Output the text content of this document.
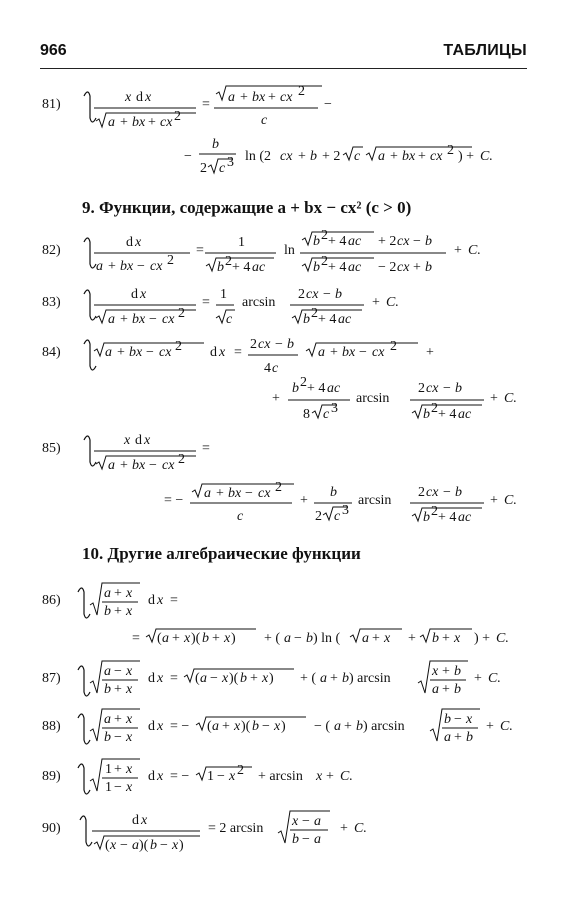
966	ТАБЛИЦЫ
81)	x d x
a + bx + cx 2
= a + bx + cx 2
c
−
−
b
2 c 3 ln (2 cx + b + 2 c a + bx + cx 2 ) + C.
9. Функции, содержащие a + bx − cx² (c > 0)
82)
d x
a + bx − cx 2
=
1
b 2 + 4 ac
ln
b 2 + 4 ac + 2 cx − b
b 2 + 4 ac − 2 cx + b
+ C.
83)
d x
a + bx − cx 2
=
1
c
arcsin
2 cx − b
b 2 + 4 ac
+ C.
84)	a + bx − cx 2 d x =
2 cx − b
4 c
a + bx − cx 2 +
+
b 2 + 4 ac
8 c 3
arcsin
2 cx − b
b 2 + 4 ac
+ C.
85)
x d x
a + bx − cx 2
=
= − a + bx − cx 2
c
+
b
2 c 3
arcsin
2 cx − b
b 2 + 4 ac
+ C.
10. Другие алгебраические функции
86)	a + x
b + x
d x =
= ( a + x )( b + x ) + ( a − b ) ln ( a + x + b + x ) + C.
87)	a − x
b + x
d x = ( a − x )( b + x ) + ( a + b ) arcsin	x + b
a + b
+ C.
88)	a + x
b − x
d x = − ( a + x )( b − x ) − ( a + b ) arcsin	b − x
a + b
+ C.
89)	1 + x
1 − x
d x = − 1 − x 2 + arcsin x + C.
90)
d x
( x − a )( b − x )
= 2 arcsin x − a
b − a
+ C.
